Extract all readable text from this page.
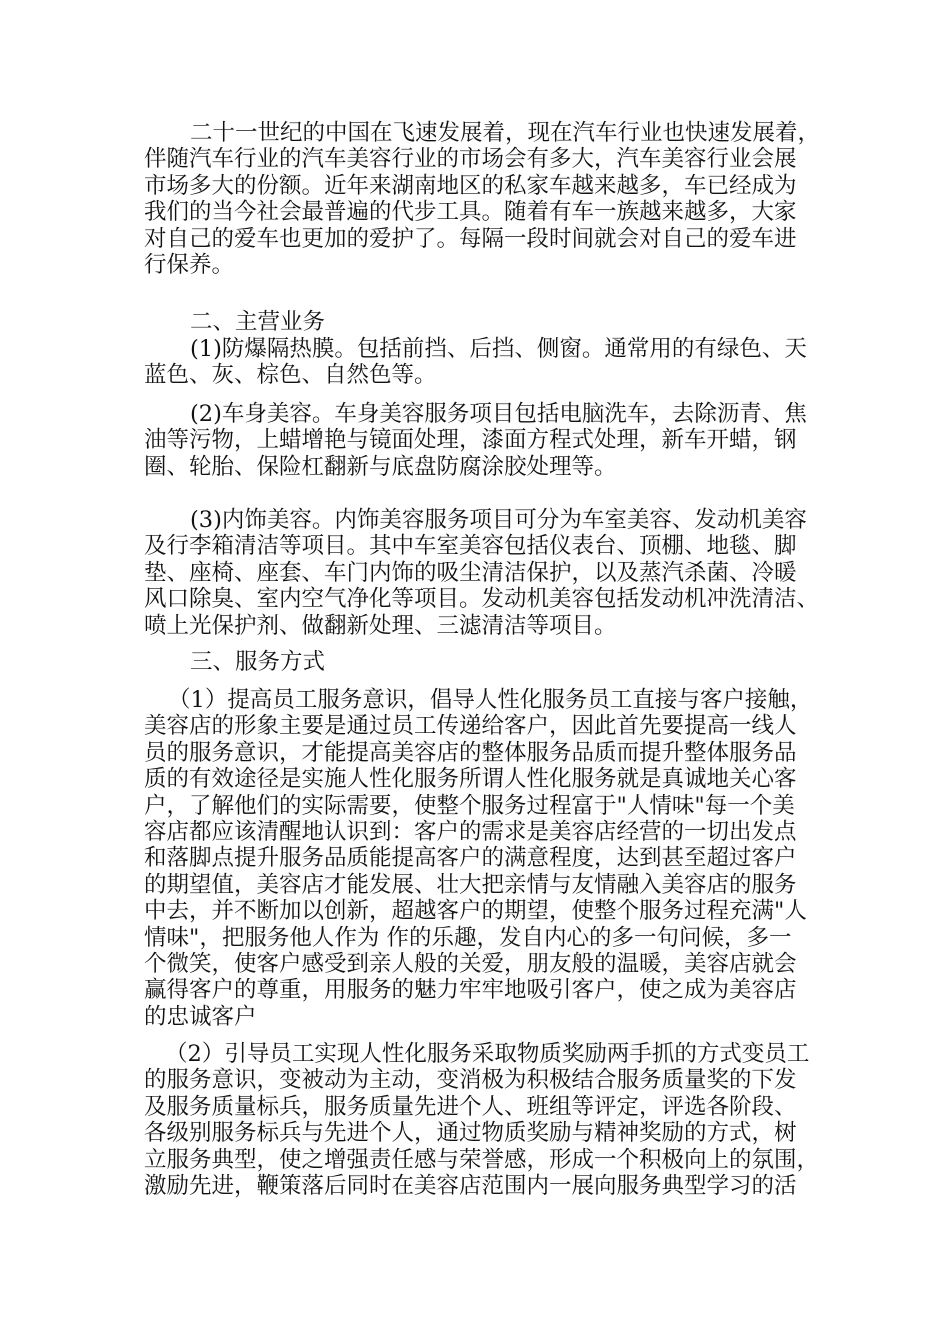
二十一世纪的中国在飞速发展着，现在汽车行业也快速发展着，
伴随汽车行业的汽车美容行业的市场会有多大，汽车美容行业会展
市场多大的份额。近年来湖南地区的私家车越来越多，车已经成为
我们的当今社会最普遍的代步工具。随着有车一族越来越多，大家
对自己的爱车也更加的爱护了。每隔一段时间就会对自己的爱车进
行保养。
二、主营业务
(1)防爆隔热膜。包括前挡、后挡、侧窗。通常用的有绿色、天
蓝色、灰、棕色、自然色等。
(2)车身美容。车身美容服务项目包括电脑洗车，去除沥青、焦
油等污物，上蜡增艳与镜面处理，漆面方程式处理，新车开蜡，钢
圈、轮胎、保险杠翻新与底盘防腐涂胶处理等。
(3)内饰美容。内饰美容服务项目可分为车室美容、发动机美容
及行李箱清洁等项目。其中车室美容包括仪表台、顶棚、地毯、脚
垫、座椅、座套、车门内饰的吸尘清洁保护，以及蒸汽杀菌、冷暖
风口除臭、室内空气净化等项目。发动机美容包括发动机冲洗清洁、
喷上光保护剂、做翻新处理、三滤清洁等项目。
三、服务方式
（1）提高员工服务意识，倡导人性化服务员工直接与客户接触，
美容店的形象主要是通过员工传递给客户，因此首先要提高一线人
员的服务意识，才能提高美容店的整体服务品质而提升整体服务品
质的有效途径是实施人性化服务所谓人性化服务就是真诚地关心客
户，了解他们的实际需要，使整个服务过程富于"人情味"每一个美
容店都应该清醒地认识到：客户的需求是美容店经营的一切出发点
和落脚点提升服务品质能提高客户的满意程度，达到甚至超过客户
的期望值，美容店才能发展、壮大把亲情与友情融入美容店的服务
中去，并不断加以创新，超越客户的期望，使整个服务过程充满"人
情味"，把服务他人作为 作的乐趣，发自内心的多一句问候，多一
个微笑，使客户感受到亲人般的关爱，朋友般的温暖，美容店就会
赢得客户的尊重，用服务的魅力牢牢地吸引客户，使之成为美容店
的忠诚客户
（2）引导员工实现人性化服务采取物质奖励两手抓的方式变员工
的服务意识，变被动为主动，变消极为积极结合服务质量奖的下发
及服务质量标兵，服务质量先进个人、班组等评定，评选各阶段、
各级别服务标兵与先进个人，通过物质奖励与精神奖励的方式，树
立服务典型，使之增强责任感与荣誉感，形成一个积极向上的氛围，
激励先进，鞭策落后同时在美容店范围内一展向服务典型学习的活
